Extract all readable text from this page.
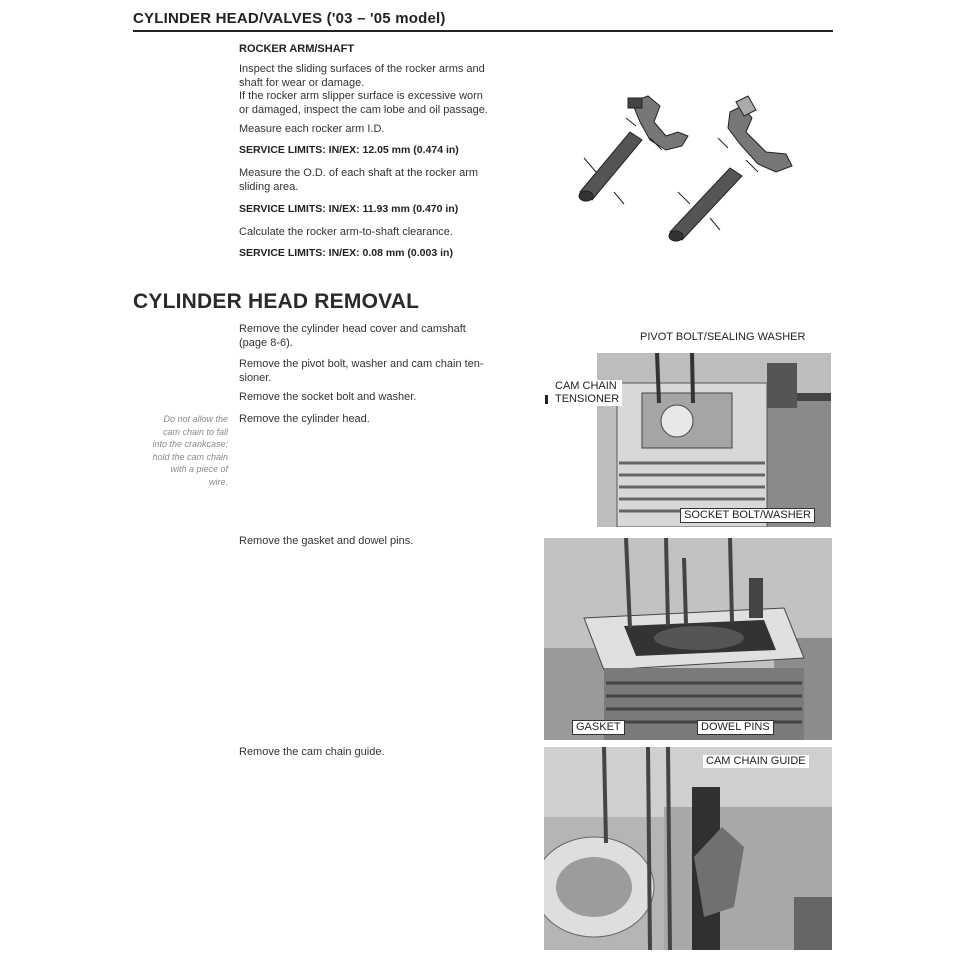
CYLINDER HEAD/VALVES ('03 – '05 model)
ROCKER ARM/SHAFT
Inspect the sliding surfaces of the rocker arms and
shaft for wear or damage.
If the rocker arm slipper surface is excessive worn
or damaged, inspect the cam lobe and oil passage.
Measure each rocker arm I.D.
SERVICE LIMITS: IN/EX: 12.05 mm (0.474 in)
Measure the O.D. of each shaft at the rocker arm
sliding area.
SERVICE LIMITS: IN/EX: 11.93 mm (0.470 in)
Calculate the rocker arm-to-shaft clearance.
SERVICE LIMITS: IN/EX: 0.08 mm (0.003 in)
CYLINDER HEAD REMOVAL
Remove the cylinder head cover and camshaft
(page 8-6).
Remove the pivot bolt, washer and cam chain ten-
sioner.
Remove the socket bolt and washer.
Remove the cylinder head.
Do not allow the
cam chain to fall
into the crankcase;
hold the cam chain
with a piece of
wire.
Remove the gasket and dowel pins.
Remove the cam chain guide.
PIVOT BOLT/SEALING WASHER
CAM CHAIN
TENSIONER
SOCKET BOLT/WASHER
GASKET	DOWEL PINS
CAM CHAIN GUIDE
